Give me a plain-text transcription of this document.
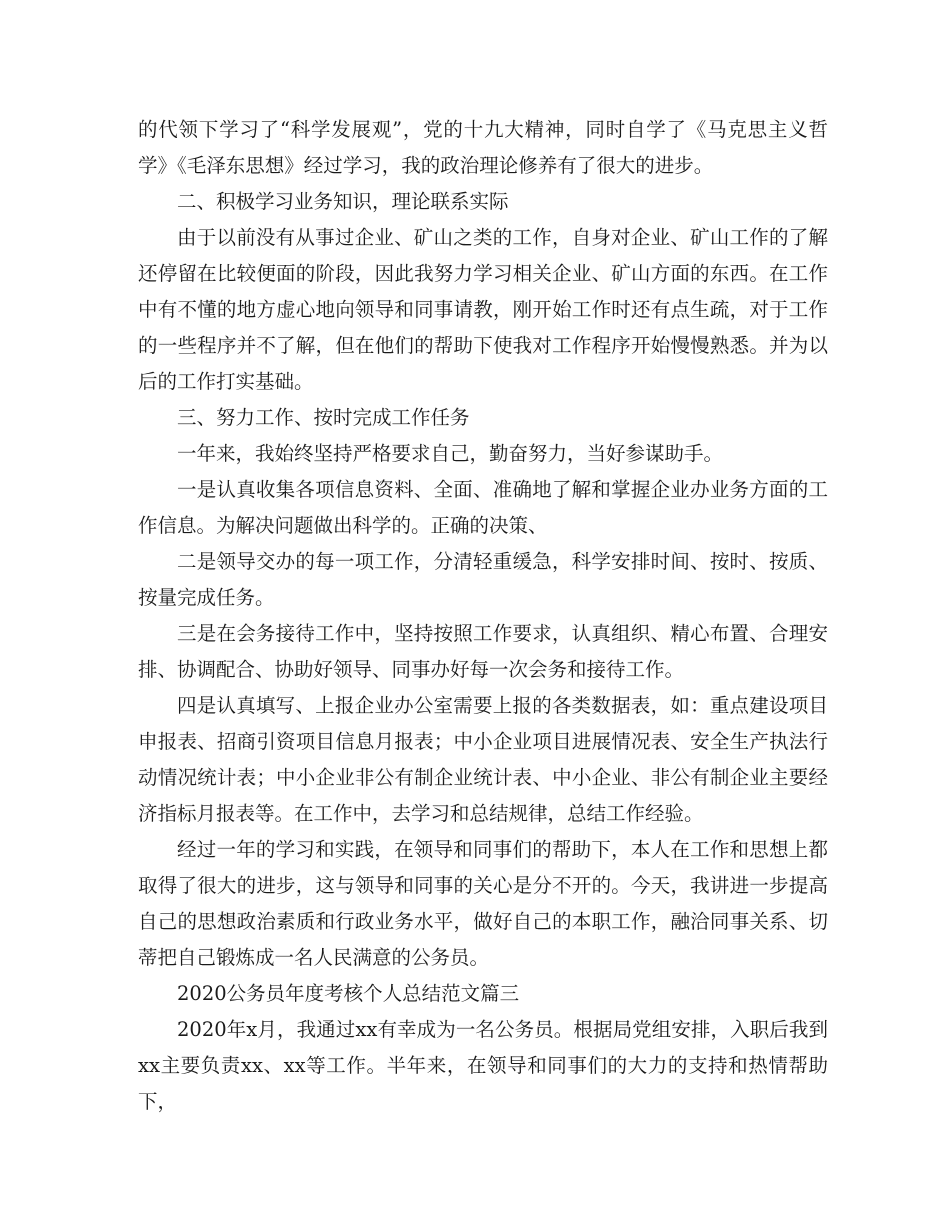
的代领下学习了“科学发展观”，党的十九大精神，同时自学了《马克思主义哲学》《毛泽东思想》经过学习，我的政治理论修养有了很大的进步。

二、积极学习业务知识，理论联系实际

由于以前没有从事过企业、矿山之类的工作，自身对企业、矿山工作的了解还停留在比较便面的阶段，因此我努力学习相关企业、矿山方面的东西。在工作中有不懂的地方虚心地向领导和同事请教，刚开始工作时还有点生疏，对于工作的一些程序并不了解，但在他们的帮助下使我对工作程序开始慢慢熟悉。并为以后的工作打实基础。

三、努力工作、按时完成工作任务

一年来，我始终坚持严格要求自己，勤奋努力，当好参谋助手。

一是认真收集各项信息资料、全面、准确地了解和掌握企业办业务方面的工作信息。为解决问题做出科学的。正确的决策、

二是领导交办的每一项工作，分清轻重缓急，科学安排时间、按时、按质、按量完成任务。

三是在会务接待工作中，坚持按照工作要求，认真组织、精心布置、合理安排、协调配合、协助好领导、同事办好每一次会务和接待工作。

四是认真填写、上报企业办公室需要上报的各类数据表，如：重点建设项目申报表、招商引资项目信息月报表；中小企业项目进展情况表、安全生产执法行动情况统计表；中小企业非公有制企业统计表、中小企业、非公有制企业主要经济指标月报表等。在工作中，去学习和总结规律，总结工作经验。

经过一年的学习和实践，在领导和同事们的帮助下，本人在工作和思想上都取得了很大的进步，这与领导和同事的关心是分不开的。今天，我讲进一步提高自己的思想政治素质和行政业务水平，做好自己的本职工作，融洽同事关系、切蒂把自己锻炼成一名人民满意的公务员。

2020公务员年度考核个人总结范文篇三

2020年x月，我通过xx有幸成为一名公务员。根据局党组安排，入职后我到xx主要负责xx、xx等工作。半年来，在领导和同事们的大力的支持和热情帮助下，
